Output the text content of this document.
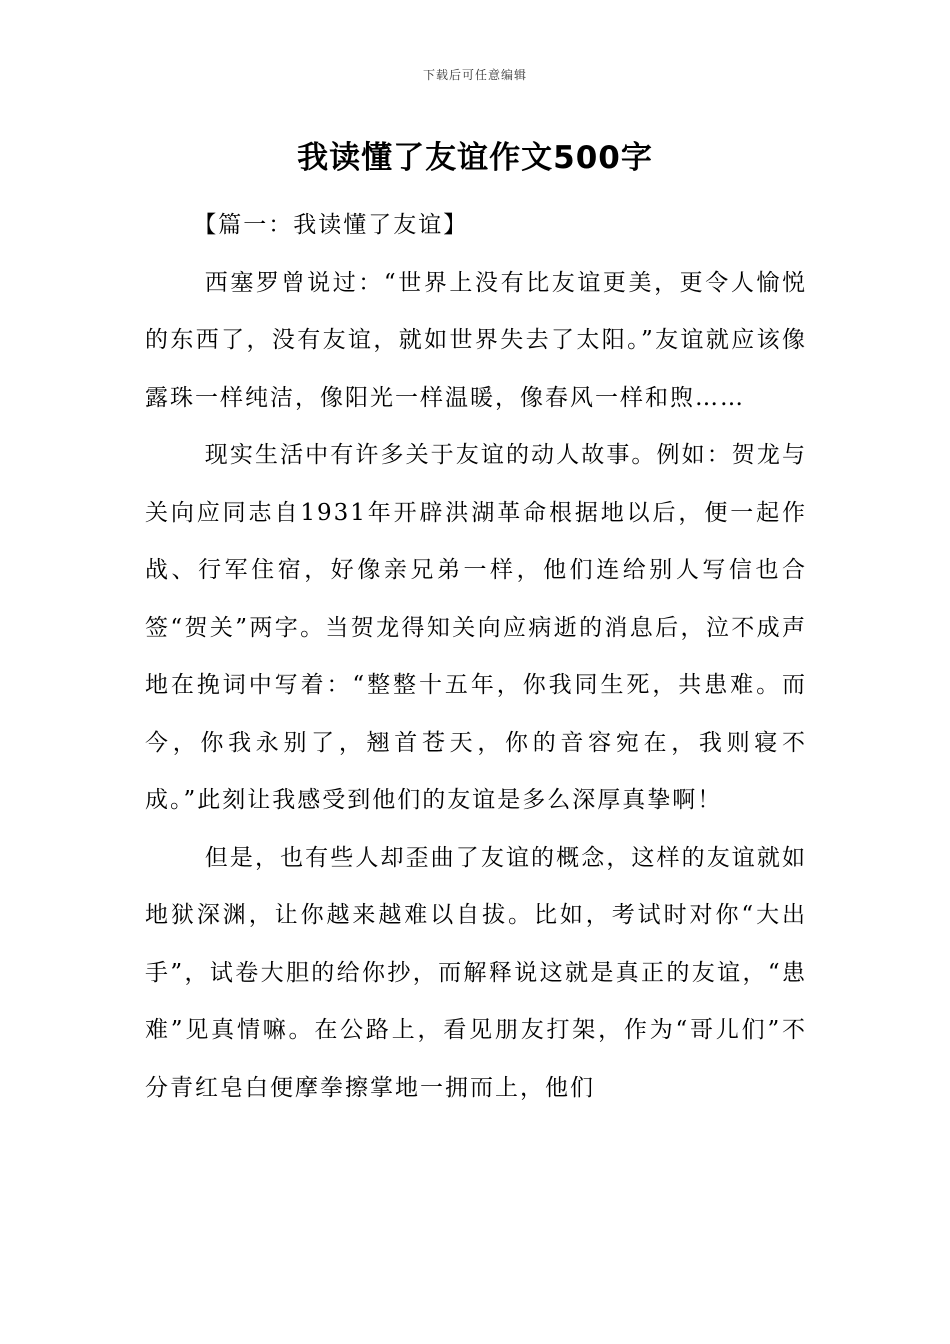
下载后可任意编辑
我读懂了友谊作文500字

【篇一：我读懂了友谊】

西塞罗曾说过：“世界上没有比友谊更美，更令人愉悦的东西了，没有友谊，就如世界失去了太阳。”友谊就应该像露珠一样纯洁，像阳光一样温暖，像春风一样和煦……

现实生活中有许多关于友谊的动人故事。例如：贺龙与关向应同志自1931年开辟洪湖革命根据地以后，便一起作战、行军住宿，好像亲兄弟一样，他们连给别人写信也合签“贺关”两字。当贺龙得知关向应病逝的消息后，泣不成声地在挽词中写着：“整整十五年，你我同生死，共患难。而今，你我永别了，翘首苍天，你的音容宛在，我则寝不成。”此刻让我感受到他们的友谊是多么深厚真挚啊！

但是，也有些人却歪曲了友谊的概念，这样的友谊就如地狱深渊，让你越来越难以自拔。比如，考试时对你“大出手”，试卷大胆的给你抄，而解释说这就是真正的友谊，“患难”见真情嘛。在公路上，看见朋友打架，作为“哥儿们”不分青红皂白便摩拳擦掌地一拥而上，他们
